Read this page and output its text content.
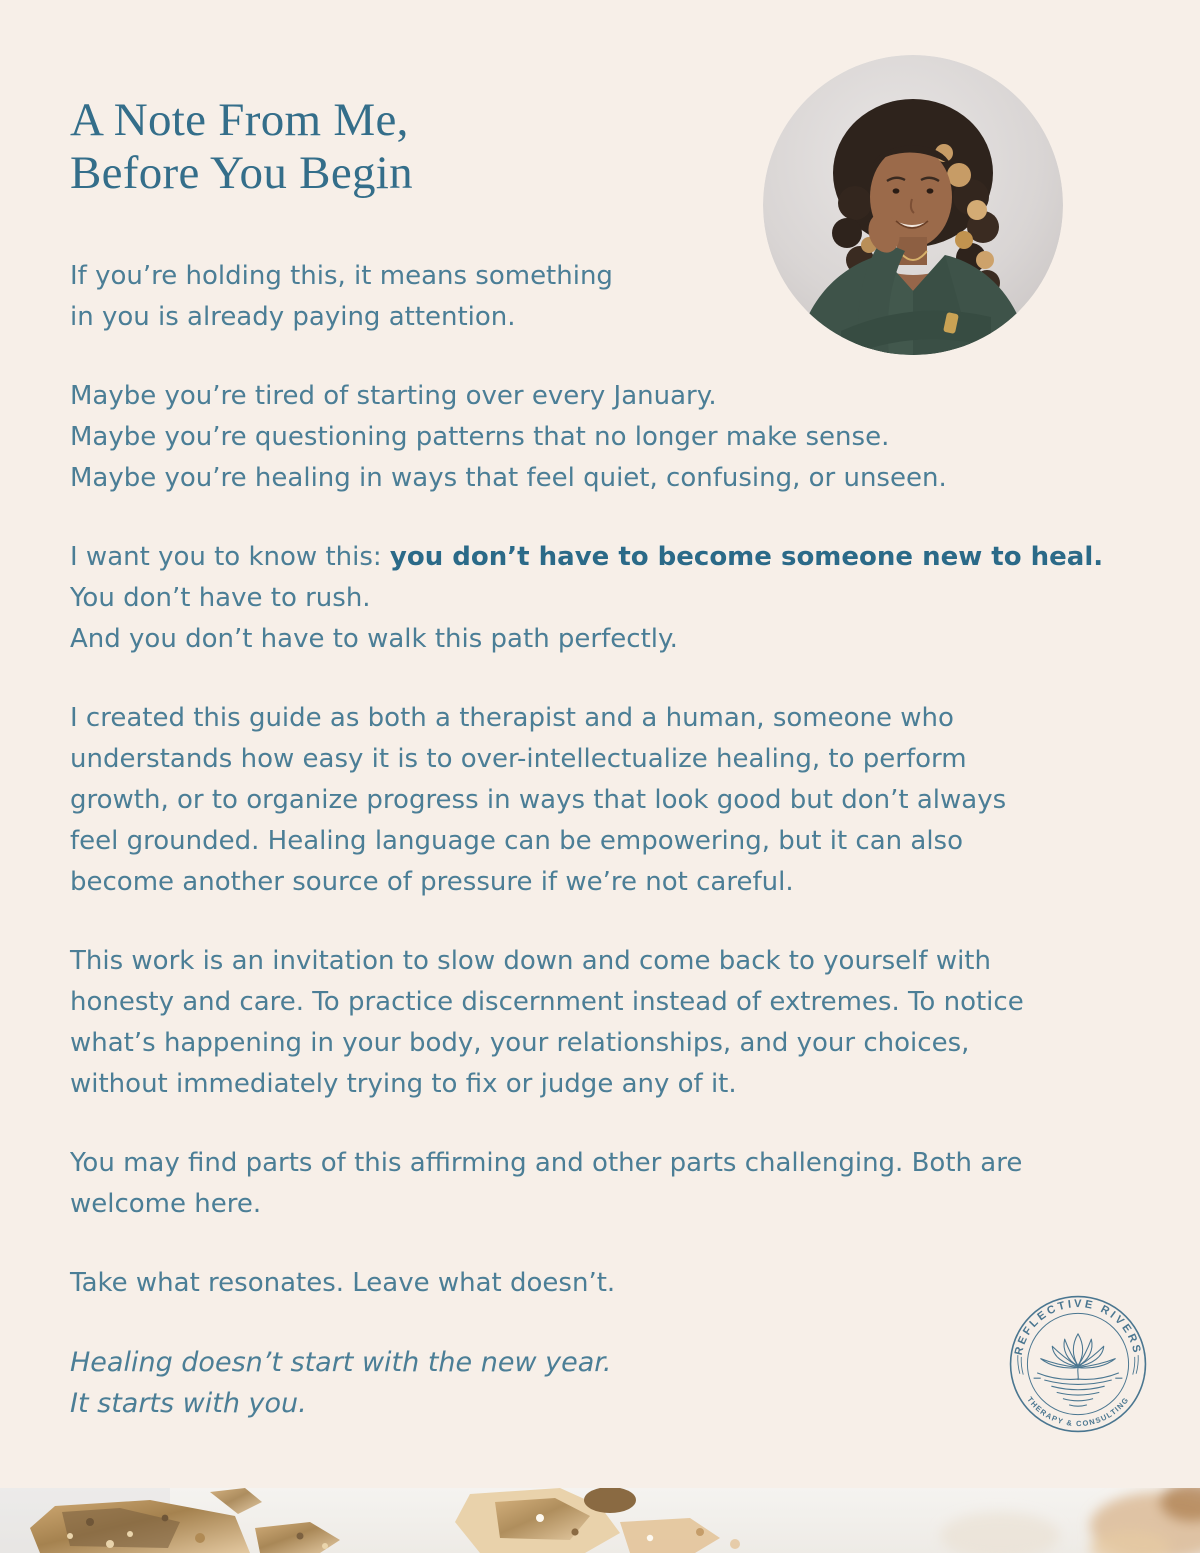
A Note From Me,
Before You Begin
If you’re holding this, it means something
in you is already paying attention.
Maybe you’re tired of starting over every January.
Maybe you’re questioning patterns that no longer make sense.
Maybe you’re healing in ways that feel quiet, confusing, or unseen.
I want you to know this: you don’t have to become someone new to heal.
You don’t have to rush.
And you don’t have to walk this path perfectly.
I created this guide as both a therapist and a human, someone who
understands how easy it is to over-intellectualize healing, to perform
growth, or to organize progress in ways that look good but don’t always
feel grounded. Healing language can be empowering, but it can also
become another source of pressure if we’re not careful.
This work is an invitation to slow down and come back to yourself with
honesty and care. To practice discernment instead of extremes. To notice
what’s happening in your body, your relationships, and your choices,
without immediately trying to fix or judge any of it.
You may find parts of this affirming and other parts challenging. Both are
welcome here.
Take what resonates. Leave what doesn’t.
Healing doesn’t start with the new year.
It starts with you.
REFLECTIVE RIVERS
THERAPY & CONSULTING
